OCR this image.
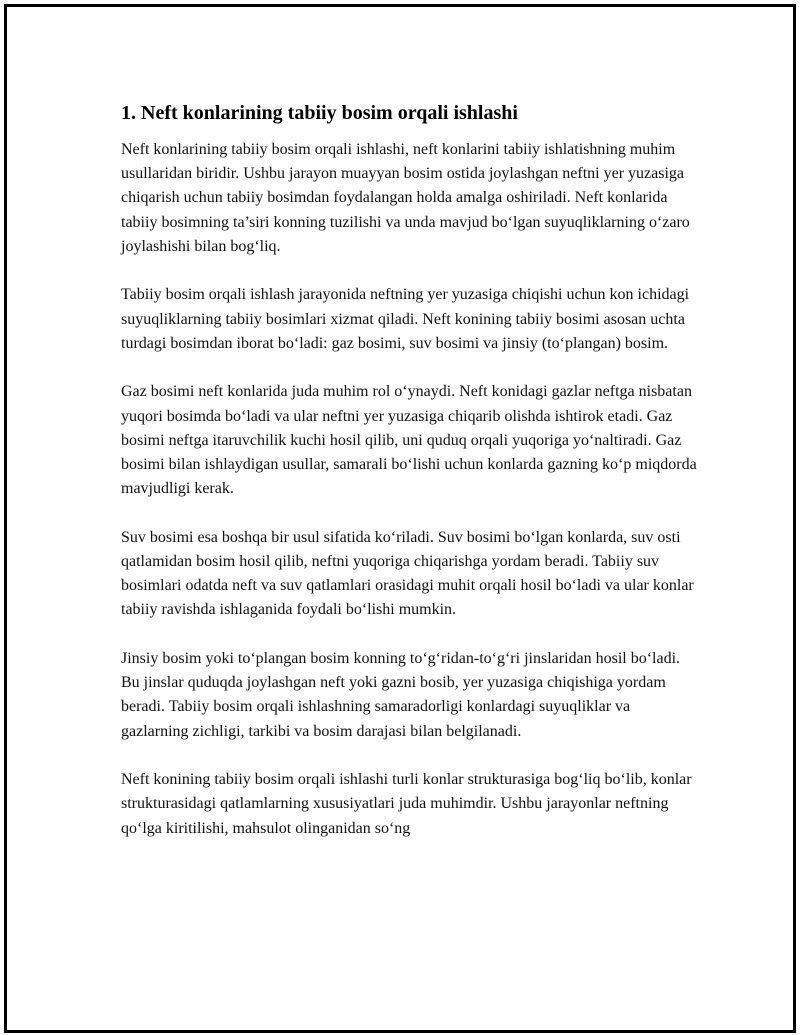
1. Neft konlarining tabiiy bosim orqali ishlashi

Neft konlarining tabiiy bosim orqali ishlashi, neft konlarini tabiiy ishlatishning muhim usullaridan biridir. Ushbu jarayon muayyan bosim ostida joylashgan neftni yer yuzasiga chiqarish uchun tabiiy bosimdan foydalangan holda amalga oshiriladi. Neft konlarida tabiiy bosimning ta’siri konning tuzilishi va unda mavjud bo‘lgan suyuqliklarning o‘zaro joylashishi bilan bog‘liq.

Tabiiy bosim orqali ishlash jarayonida neftning yer yuzasiga chiqishi uchun kon ichidagi suyuqliklarning tabiiy bosimlari xizmat qiladi. Neft konining tabiiy bosimi asosan uchta turdagi bosimdan iborat bo‘ladi: gaz bosimi, suv bosimi va jinsiy (to‘plangan) bosim.

Gaz bosimi neft konlarida juda muhim rol o‘ynaydi. Neft konidagi gazlar neftga nisbatan yuqori bosimda bo‘ladi va ular neftni yer yuzasiga chiqarib olishda ishtirok etadi. Gaz bosimi neftga itaruvchilik kuchi hosil qilib, uni quduq orqali yuqoriga yo‘naltiradi. Gaz bosimi bilan ishlaydigan usullar, samarali bo‘lishi uchun konlarda gazning ko‘p miqdorda mavjudligi kerak.

Suv bosimi esa boshqa bir usul sifatida ko‘riladi. Suv bosimi bo‘lgan konlarda, suv osti qatlamidan bosim hosil qilib, neftni yuqoriga chiqarishga yordam beradi. Tabiiy suv bosimlari odatda neft va suv qatlamlari orasidagi muhit orqali hosil bo‘ladi va ular konlar tabiiy ravishda ishlaganida foydali bo‘lishi mumkin.

Jinsiy bosim yoki to‘plangan bosim konning to‘g‘ridan-to‘g‘ri jinslaridan hosil bo‘ladi. Bu jinslar quduqda joylashgan neft yoki gazni bosib, yer yuzasiga chiqishiga yordam beradi. Tabiiy bosim orqali ishlashning samaradorligi konlardagi suyuqliklar va gazlarning zichligi, tarkibi va bosim darajasi bilan belgilanadi.

Neft konining tabiiy bosim orqali ishlashi turli konlar strukturasiga bog‘liq bo‘lib, konlar strukturasidagi qatlamlarning xususiyatlari juda muhimdir. Ushbu jarayonlar neftning qo‘lga kiritilishi, mahsulot olinganidan so‘ng
